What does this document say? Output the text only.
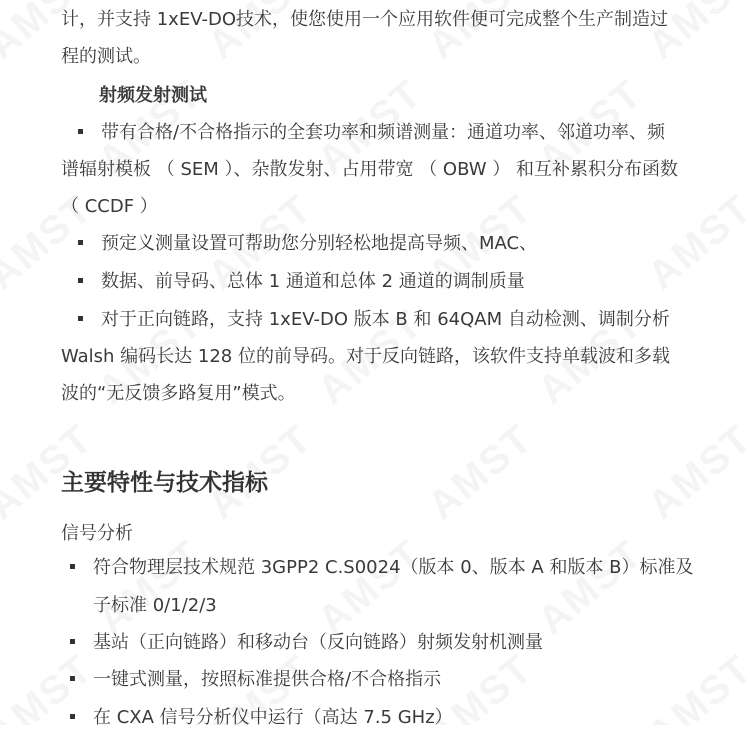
计，并支持 1xEV-DO技术，使您使用一个应用软件便可完成整个生产制造过
程的测试。
射频发射测试
带有合格/不合格指示的全套功率和频谱测量：通道功率、邻道功率、频
谱辐射模板 （ SEM ）、杂散发射、占用带宽 （ OBW ） 和互补累积分布函数
（ CCDF ）
预定义测量设置可帮助您分别轻松地提高导频、MAC、
数据、前导码、总体 1 通道和总体 2 通道的调制质量
对于正向链路，支持 1xEV-DO 版本 B 和 64QAM 自动检测、调制分析
Walsh 编码长达 128 位的前导码。对于反向链路，该软件支持单载波和多载
波的“无反馈多路复用”模式。
主要特性与技术指标
信号分析
符合物理层技术规范 3GPP2 C.S0024（版本 0、版本 A 和版本 B）标准及
子标准 0/1/2/3
基站（正向链路）和移动台（反向链路）射频发射机测量
一键式测量，按照标准提供合格/不合格指示
在 CXA 信号分析仪中运行（高达 7.5 GHz）
